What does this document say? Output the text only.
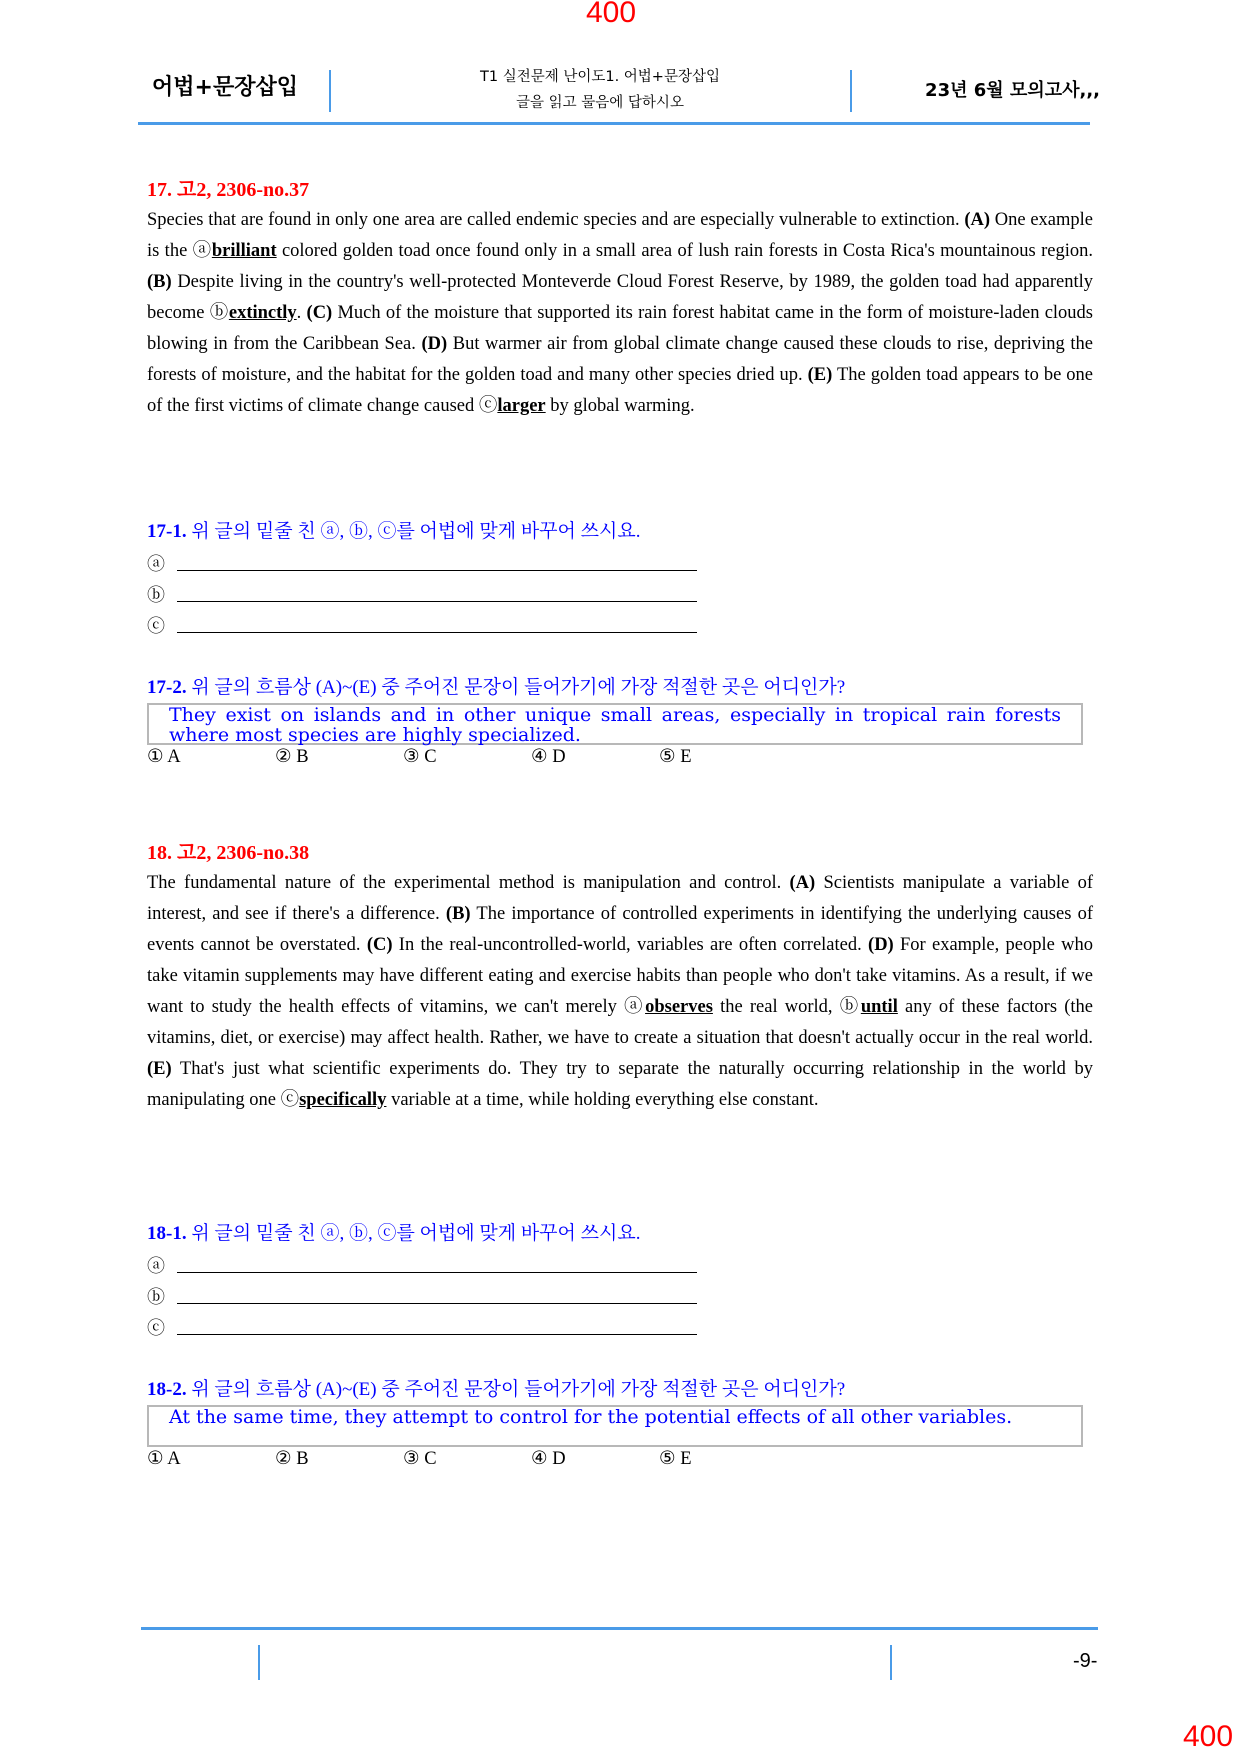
400
어법+문장삽입	T1 실전문제 난이도1. 어법+문장삽입
글을 읽고 물음에 답하시오
23년 6월 모의고사,,,
17. 고2, 2306-no.37
Species that are found in only one area are called endemic species and are especially vulnerable to extinction. (A) One example is the ⓐbrilliant colored golden toad once found only in a small area of lush rain forests in Costa Rica's mountainous region. (B) Despite living in the country's well-protected Monteverde Cloud Forest Reserve, by 1989, the golden toad had apparently become ⓑextinctly. (C) Much of the moisture that supported its rain forest habitat came in the form of moisture-laden clouds blowing in from the Caribbean Sea. (D) But warmer air from global climate change caused these clouds to rise, depriving the forests of moisture, and the habitat for the golden toad and many other species dried up. (E) The golden toad appears to be one of the first victims of climate change caused ⓒlarger by global warming.
17-1. 위 글의 밑줄 친 ⓐ, ⓑ, ⓒ를 어법에 맞게 바꾸어 쓰시요.
ⓐ
ⓑ
ⓒ
17-2. 위 글의 흐름상 (A)~(E) 중 주어진 문장이 들어가기에 가장 적절한 곳은 어디인가?
They exist on islands and in other unique small areas, especially in tropical rain forests where most species are highly specialized.
① A	② B	③ C	④ D	⑤ E
18. 고2, 2306-no.38
The fundamental nature of the experimental method is manipulation and control. (A) Scientists manipulate a variable of interest, and see if there's a difference. (B) The importance of controlled experiments in identifying the underlying causes of events cannot be overstated. (C) In the real-uncontrolled-world, variables are often correlated. (D) For example, people who take vitamin supplements may have different eating and exercise habits than people who don't take vitamins. As a result, if we want to study the health effects of vitamins, we can't merely ⓐobserves the real world, ⓑuntil any of these factors (the vitamins, diet, or exercise) may affect health. Rather, we have to create a situation that doesn't actually occur in the real world. (E) That's just what scientific experiments do. They try to separate the naturally occurring relationship in the world by manipulating one ⓒspecifically variable at a time, while holding everything else constant.
18-1. 위 글의 밑줄 친 ⓐ, ⓑ, ⓒ를 어법에 맞게 바꾸어 쓰시요.
ⓐ
ⓑ
ⓒ
18-2. 위 글의 흐름상 (A)~(E) 중 주어진 문장이 들어가기에 가장 적절한 곳은 어디인가?
At the same time, they attempt to control for the potential effects of all other variables.
① A	② B	③ C	④ D	⑤ E
-9-
400
